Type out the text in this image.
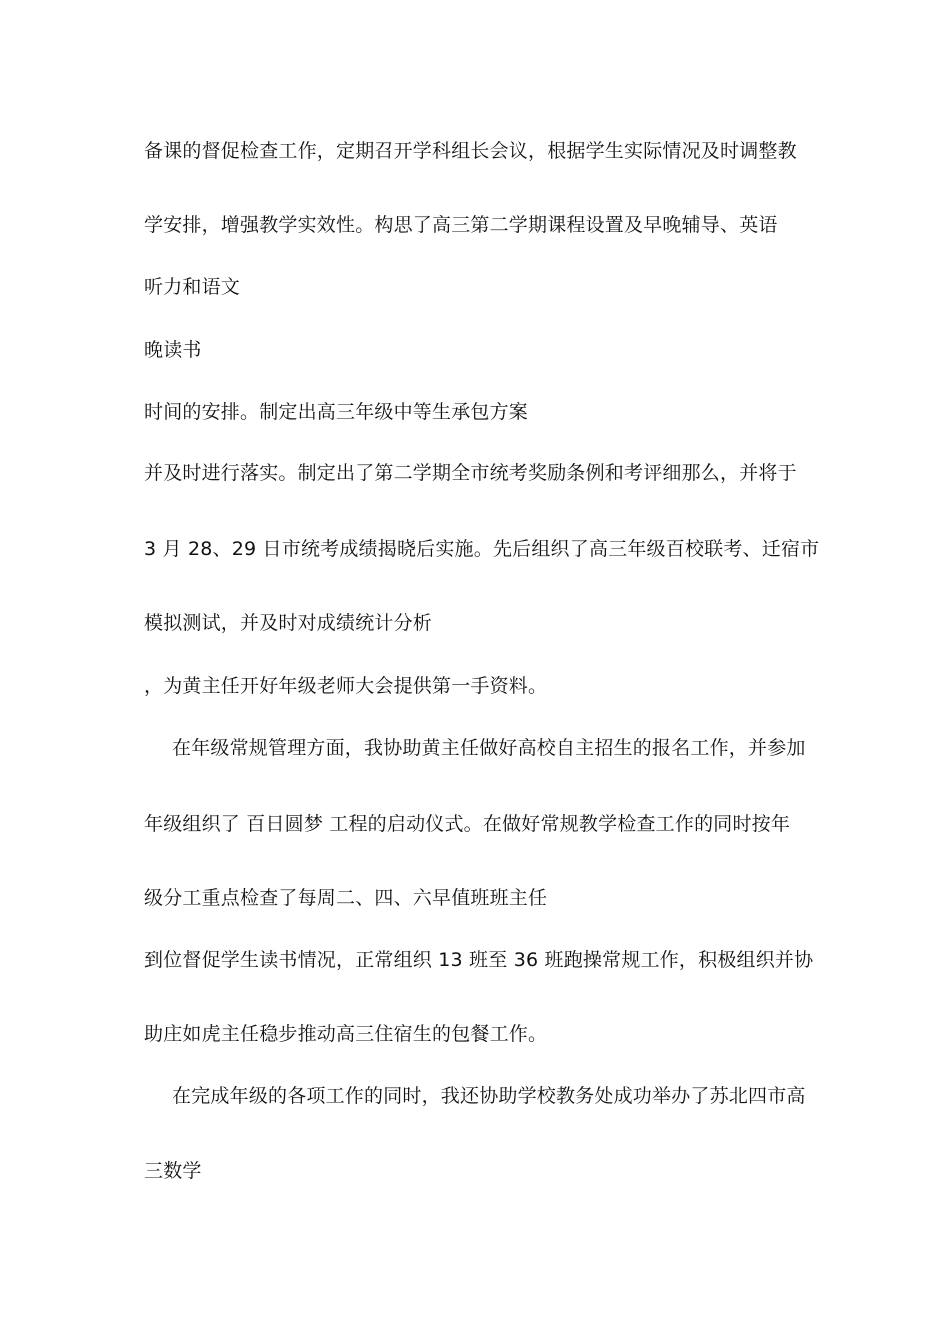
备课的督促检查工作，定期召开学科组长会议，根据学生实际情况及时调整教
学安排，增强教学实效性。构思了高三第二学期课程设置及早晚辅导、英语
听力和语文
晚读书
时间的安排。制定出高三年级中等生承包方案
并及时进行落实。制定出了第二学期全市统考奖励条例和考评细那么，并将于
3 月 28、29 日市统考成绩揭晓后实施。先后组织了高三年级百校联考、迁宿市
模拟测试，并及时对成绩统计分析
，为黄主任开好年级老师大会提供第一手资料。
在年级常规管理方面，我协助黄主任做好高校自主招生的报名工作，并参加
年级组织了 百日圆梦 工程的启动仪式。在做好常规教学检查工作的同时按年
级分工重点检查了每周二、四、六早值班班主任
到位督促学生读书情况，正常组织 13 班至 36 班跑操常规工作，积极组织并协
助庄如虎主任稳步推动高三住宿生的包餐工作。
在完成年级的各项工作的同时，我还协助学校教务处成功举办了苏北四市高
三数学
